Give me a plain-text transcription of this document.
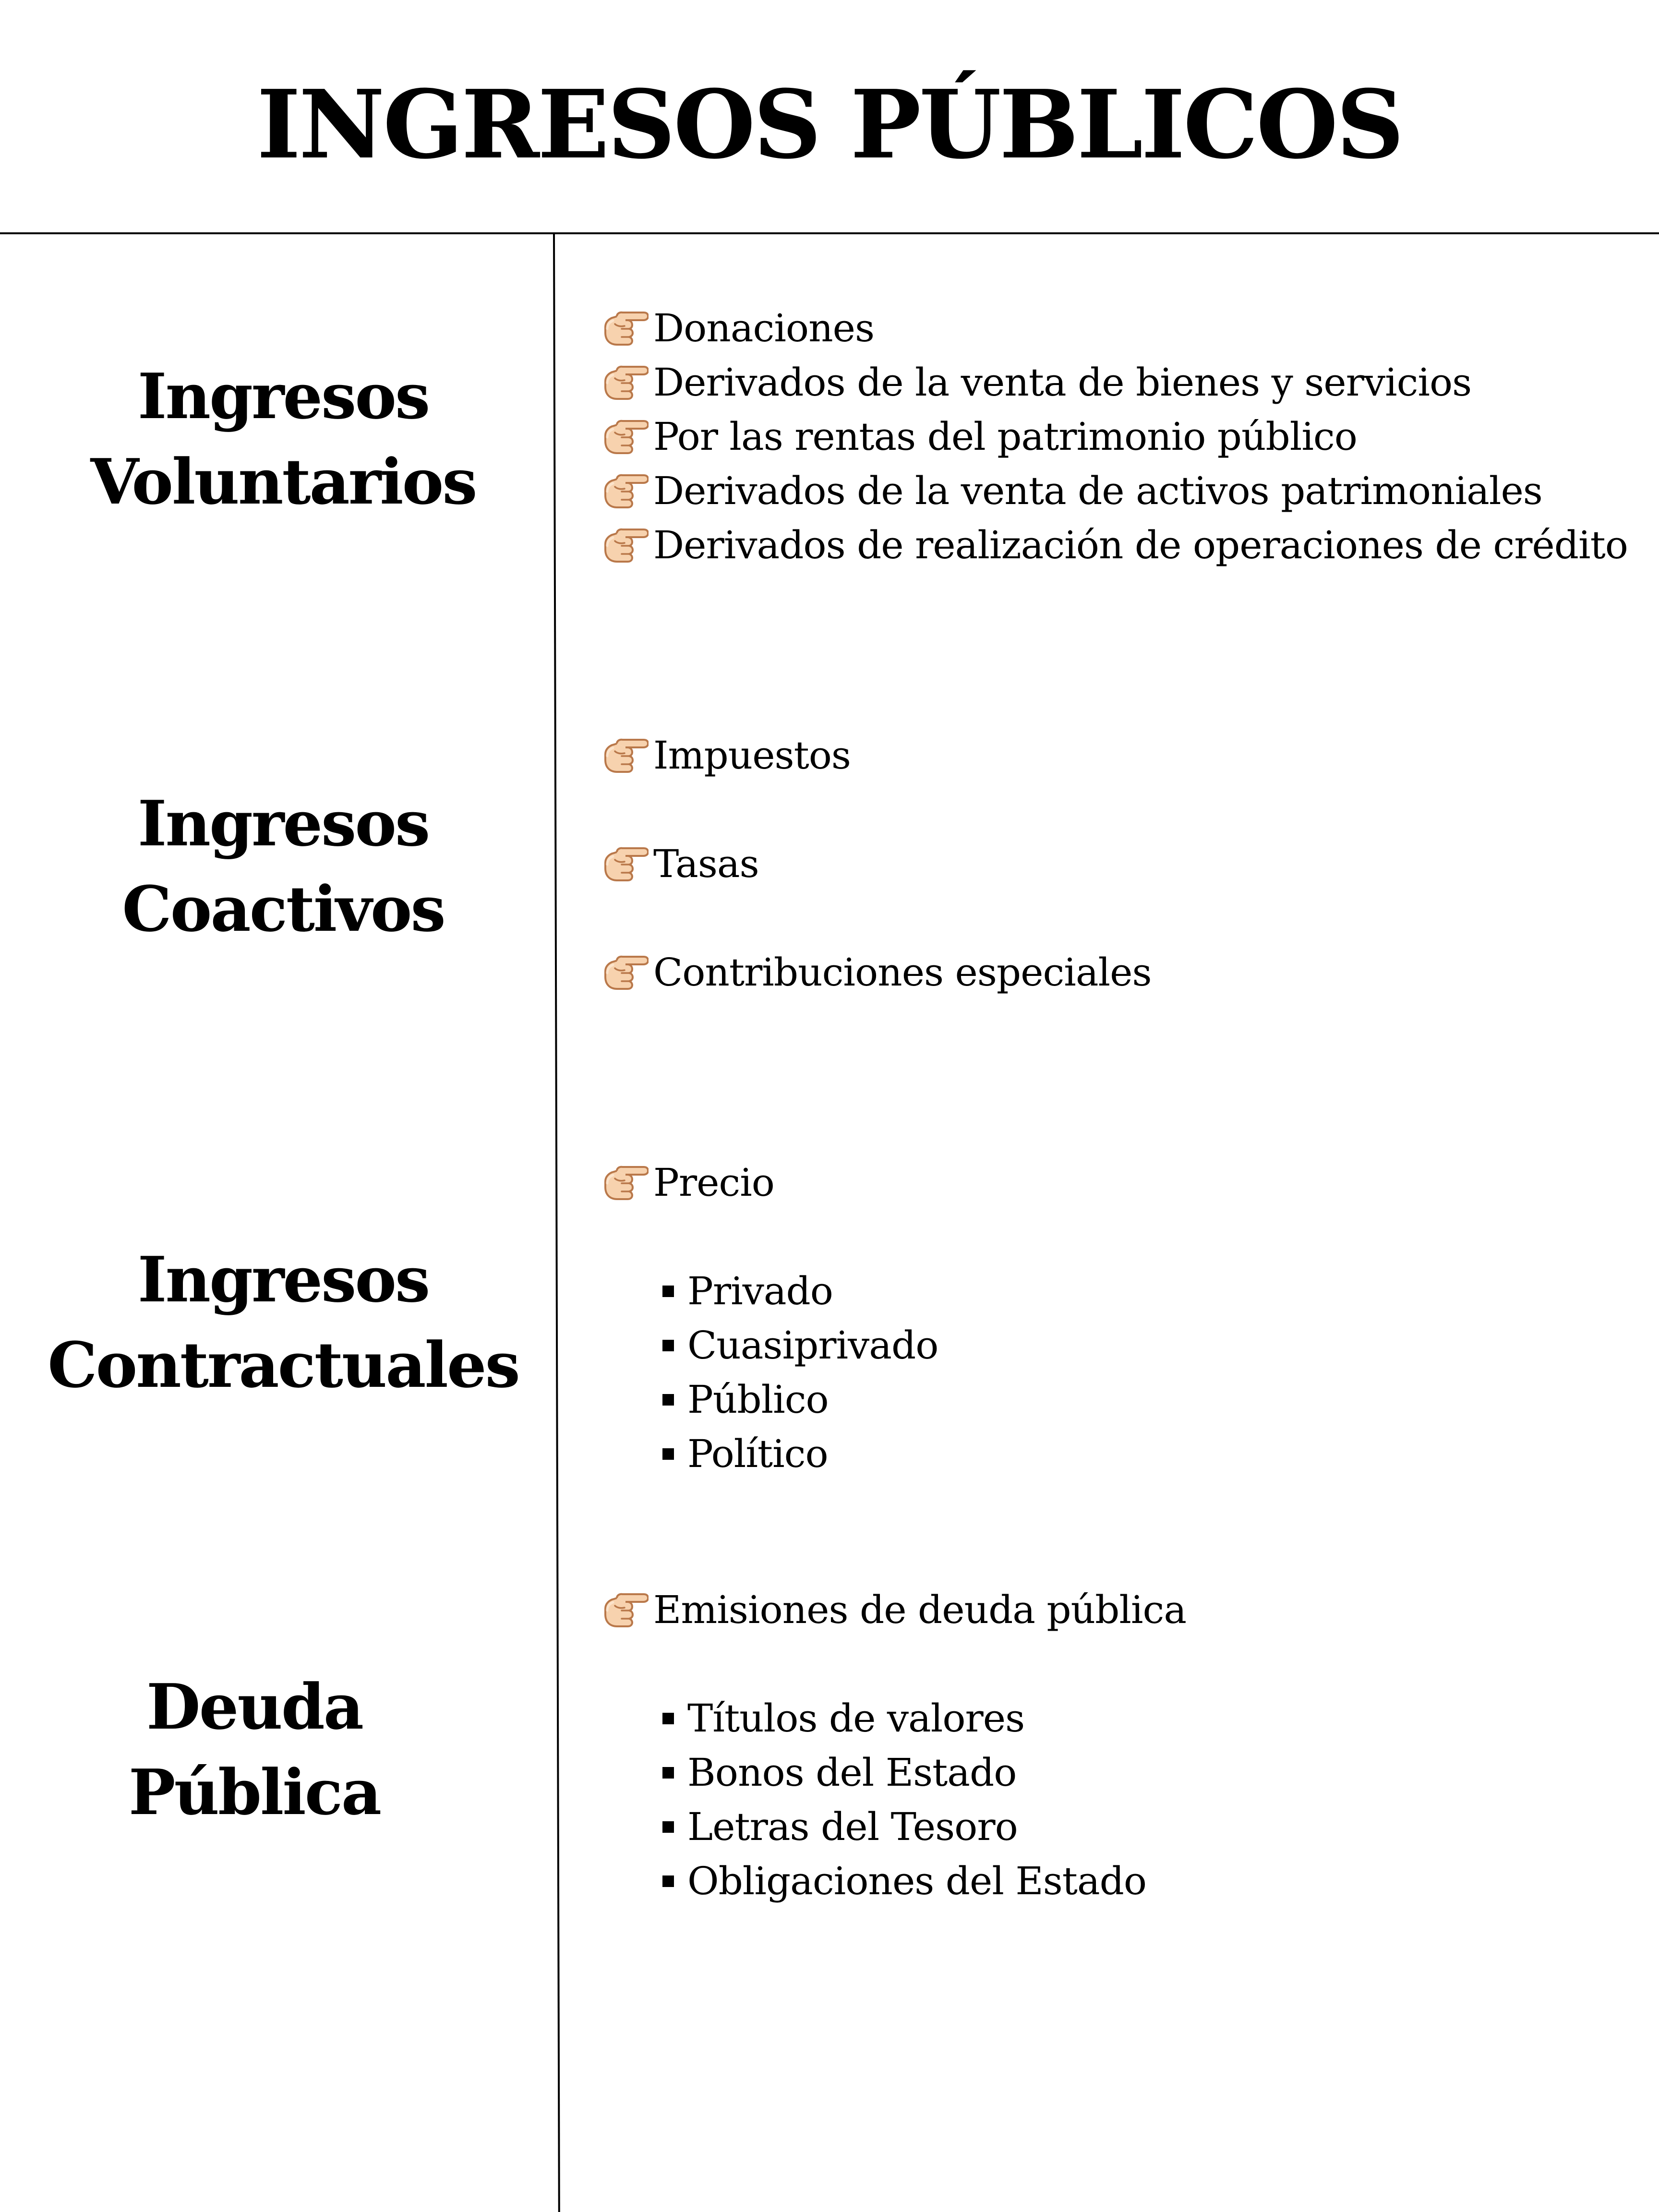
INGRESOS PÚBLICOS
Ingresos
Voluntarios
Donaciones
Derivados de la venta de bienes y servicios
Por las rentas del patrimonio público
Derivados de la venta de activos patrimoniales
Derivados de realización de operaciones de crédito
Ingresos
Coactivos
Impuestos
Tasas
Contribuciones especiales
Ingresos
Contractuales
Precio
Privado
Cuasiprivado
Público
Político
Deuda
Pública
Emisiones de deuda pública
Títulos de valores
Bonos del Estado
Letras del Tesoro
Obligaciones del Estado
